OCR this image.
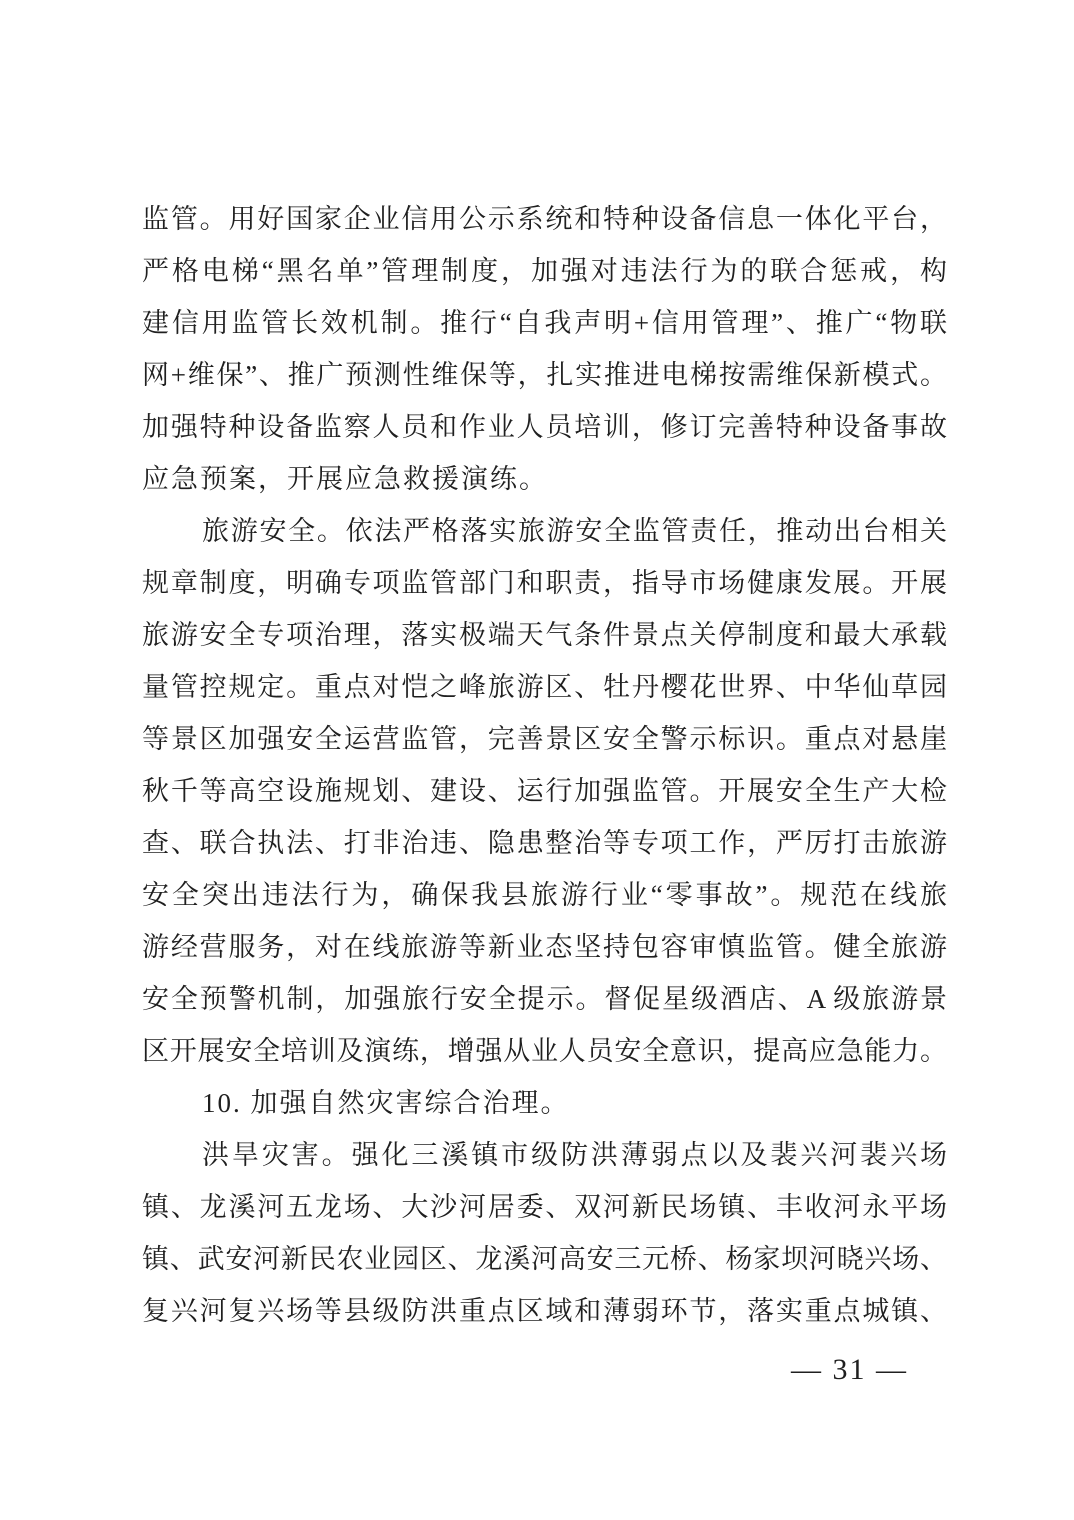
监管。用好国家企业信用公示系统和特种设备信息一体化平台，
严格电梯“黑名单”管理制度，加强对违法行为的联合惩戒，构
建信用监管长效机制。推行“自我声明+信用管理”、推广“物联
网+维保”、推广预测性维保等，扎实推进电梯按需维保新模式。
加强特种设备监察人员和作业人员培训，修订完善特种设备事故
应急预案，开展应急救援演练。
旅游安全。依法严格落实旅游安全监管责任，推动出台相关
规章制度，明确专项监管部门和职责，指导市场健康发展。开展
旅游安全专项治理，落实极端天气条件景点关停制度和最大承载
量管控规定。重点对恺之峰旅游区、牡丹樱花世界、中华仙草园
等景区加强安全运营监管，完善景区安全警示标识。重点对悬崖
秋千等高空设施规划、建设、运行加强监管。开展安全生产大检
查、联合执法、打非治违、隐患整治等专项工作，严厉打击旅游
安全突出违法行为，确保我县旅游行业“零事故”。规范在线旅
游经营服务，对在线旅游等新业态坚持包容审慎监管。健全旅游
安全预警机制，加强旅行安全提示。督促星级酒店、A 级旅游景
区开展安全培训及演练，增强从业人员安全意识，提高应急能力。
10. 加强自然灾害综合治理。
洪旱灾害。强化三溪镇市级防洪薄弱点以及裴兴河裴兴场
镇、龙溪河五龙场、大沙河居委、双河新民场镇、丰收河永平场
镇、武安河新民农业园区、龙溪河高安三元桥、杨家坝河晓兴场、
复兴河复兴场等县级防洪重点区域和薄弱环节，落实重点城镇、
— 31 —
